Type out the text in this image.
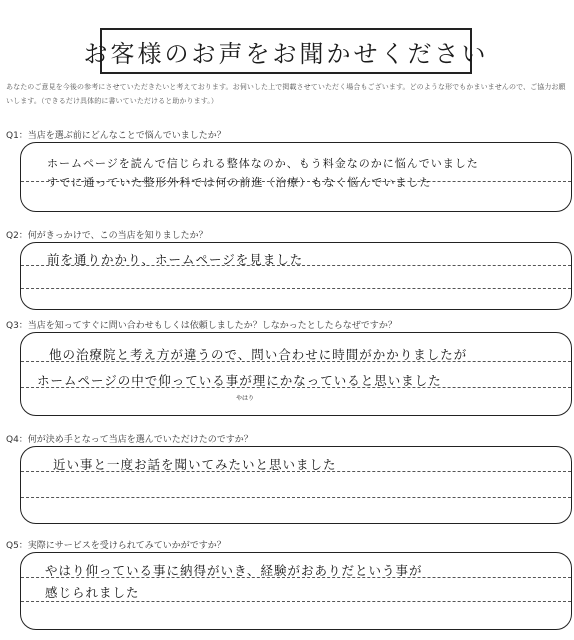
お客様のお声をお聞かせください
あなたのご意見を今後の参考にさせていただきたいと考えております。お伺いした上で掲載させていただく場合もございます。どのような形でもかまいませんので、ご協力お願いします。（できるだけ具体的に書いていただけると助かります。）
Q1：当店を選ぶ前にどんなことで悩んでいましたか？
ホームページを読んで信じられる整体なのか、もう料金なのかに悩んでいました
すでに通っていた整形外科では何の前進（治療）もなく悩んでいました
Q2：何がきっかけで、この当店を知りましたか？
前を通りかかり、ホームページを見ました
Q3：当店を知ってすぐに問い合わせもしくは依頼しましたか？しなかったとしたらなぜですか？
他の治療院と考え方が違うので、問い合わせに時間がかかりましたが
ホームページの中で仰っている事が理にかなっていると思いました
やはり
Q4：何が決め手となって当店を選んでいただけたのですか？
近い事と一度お話を聞いてみたいと思いました
Q5：実際にサービスを受けられてみていかがですか？
やはり仰っている事に納得がいき、経験がおありだという事が
感じられました
